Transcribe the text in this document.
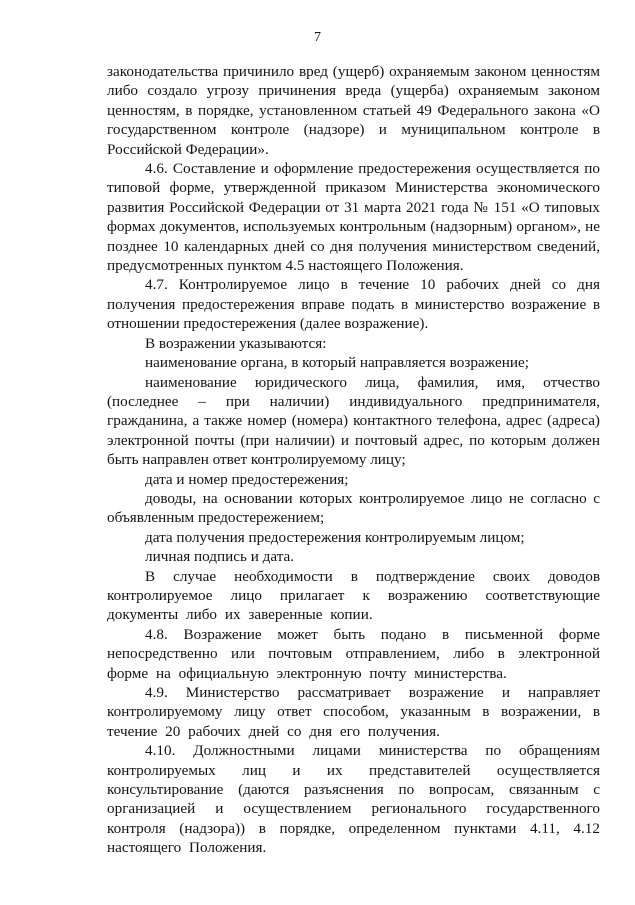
7

законодательства причинило вред (ущерб) охраняемым законом ценностям либо создало угрозу причинения вреда (ущерба) охраняемым законом ценностям, в порядке, установленном статьей 49 Федерального закона «О государственном контроле (надзоре) и муниципальном контроле в Российской Федерации».

4.6. Составление и оформление предостережения осуществляется по типовой форме, утвержденной приказом Министерства экономического развития Российской Федерации от 31 марта 2021 года № 151 «О типовых формах документов, используемых контрольным (надзорным) органом», не позднее 10 календарных дней со дня получения министерством сведений, предусмотренных пунктом 4.5 настоящего Положения.

4.7. Контролируемое лицо в течение 10 рабочих дней со дня получения предостережения вправе подать в министерство возражение в отношении предостережения (далее возражение).

В возражении указываются:

наименование органа, в который направляется возражение;

наименование юридического лица, фамилия, имя, отчество (последнее – при наличии) индивидуального предпринимателя, гражданина, а также номер (номера) контактного телефона, адрес (адреса) электронной почты (при наличии) и почтовый адрес, по которым должен быть направлен ответ контролируемому лицу;

дата и номер предостережения;

доводы, на основании которых контролируемое лицо не согласно с объявленным предостережением;

дата получения предостережения контролируемым лицом;

личная подпись и дата.

В случае необходимости в подтверждение своих доводов контролируемое лицо прилагает к возражению соответствующие документы либо их заверенные копии.

4.8. Возражение может быть подано в письменной форме непосредственно или почтовым отправлением, либо в электронной форме на официальную электронную почту министерства.

4.9. Министерство рассматривает возражение и направляет контролируемому лицу ответ способом, указанным в возражении, в течение 20 рабочих дней со дня его получения.

4.10. Должностными лицами министерства по обращениям контролируемых лиц и их представителей осуществляется консультирование (даются разъяснения по вопросам, связанным с организацией и осуществлением регионального государственного контроля (надзора)) в порядке, определенном пунктами 4.11, 4.12 настоящего Положения.
